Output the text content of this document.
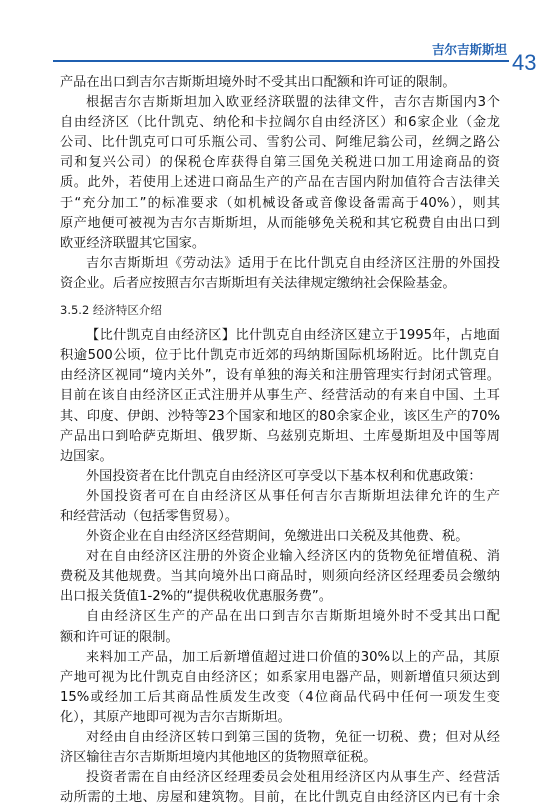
吉尔吉斯斯坦
43
产品在出口到吉尔吉斯斯坦境外时不受其出口配额和许可证的限制。
根据吉尔吉斯斯坦加入欧亚经济联盟的法律文件，吉尔吉斯国内3个
自由经济区（比什凯克、纳伦和卡拉阔尔自由经济区）和6家企业（金龙
公司、比什凯克可口可乐瓶公司、雪豹公司、阿维尼翁公司，丝绸之路公
司和复兴公司）的保税仓库获得自第三国免关税进口加工用途商品的资
质。此外，若使用上述进口商品生产的产品在吉国内附加值符合吉法律关
于“充分加工”的标准要求（如机械设备或音像设备需高于40%），则其
原产地便可被视为吉尔吉斯斯坦，从而能够免关税和其它税费自由出口到
欧亚经济联盟其它国家。
吉尔吉斯斯坦《劳动法》适用于在比什凯克自由经济区注册的外国投
资企业。后者应按照吉尔吉斯斯坦有关法律规定缴纳社会保险基金。
3.5.2 经济特区介绍
【比什凯克自由经济区】比什凯克自由经济区建立于1995年，占地面
积逾500公顷，位于比什凯克市近郊的玛纳斯国际机场附近。比什凯克自
由经济区视同“境内关外”，设有单独的海关和注册管理实行封闭式管理。
目前在该自由经济区正式注册并从事生产、经营活动的有来自中国、土耳
其、印度、伊朗、沙特等23个国家和地区的80余家企业，该区生产的70%
产品出口到哈萨克斯坦、俄罗斯、乌兹别克斯坦、土库曼斯坦及中国等周
边国家。
外国投资者在比什凯克自由经济区可享受以下基本权利和优惠政策：
外国投资者可在自由经济区从事任何吉尔吉斯斯坦法律允许的生产
和经营活动（包括零售贸易）。
外资企业在自由经济区经营期间，免缴进出口关税及其他费、税。
对在自由经济区注册的外资企业输入经济区内的货物免征增值税、消
费税及其他规费。当其向境外出口商品时，则须向经济区经理委员会缴纳
出口报关货值1-2%的“提供税收优惠服务费”。
自由经济区生产的产品在出口到吉尔吉斯斯坦境外时不受其出口配
额和许可证的限制。
来料加工产品，加工后新增值超过进口价值的30%以上的产品，其原
产地可视为比什凯克自由经济区；如系家用电器产品，则新增值只须达到
15%或经加工后其商品性质发生改变（4位商品代码中任何一项发生变
化），其原产地即可视为吉尔吉斯斯坦。
对经由自由经济区转口到第三国的货物，免征一切税、费；但对从经
济区输往吉尔吉斯斯坦境内其他地区的货物照章征税。
投资者需在自由经济区经理委员会处租用经济区内从事生产、经营活
动所需的土地、房屋和建筑物。目前，在比什凯克自由经济区内已有十余
